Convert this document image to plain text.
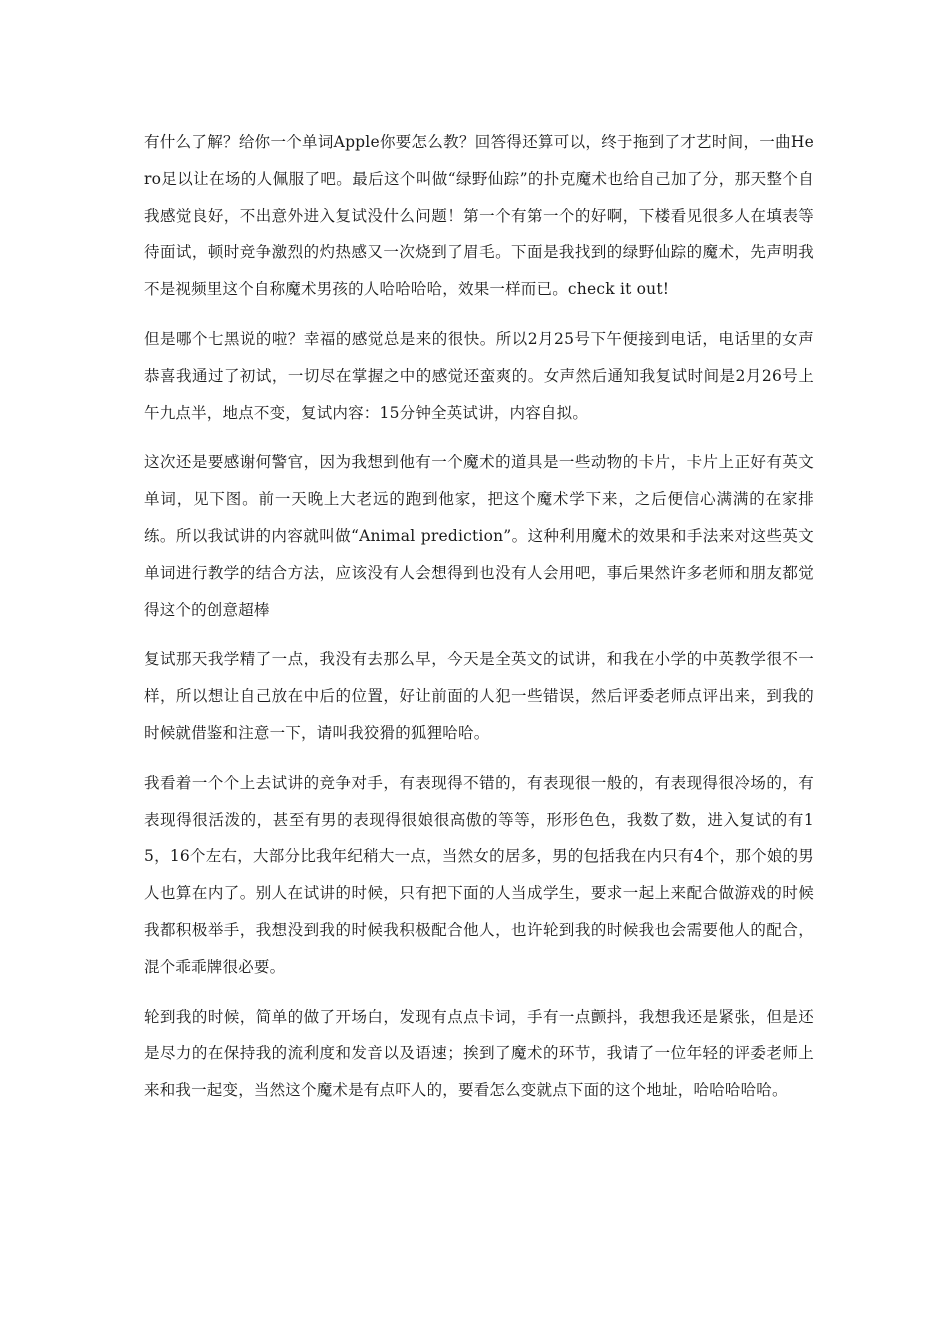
有什么了解？给你一个单词Apple你要怎么教？回答得还算可以，终于拖到了才艺时间，一曲Hero足以让在场的人佩服了吧。最后这个叫做“绿野仙踪”的扑克魔术也给自己加了分，那天整个自我感觉良好，不出意外进入复试没什么问题！第一个有第一个的好啊，下楼看见很多人在填表等待面试，顿时竞争激烈的灼热感又一次烧到了眉毛。下面是我找到的绿野仙踪的魔术，先声明我不是视频里这个自称魔术男孩的人哈哈哈哈，效果一样而已。check it out!

但是哪个七黑说的啦？幸福的感觉总是来的很快。所以2月25号下午便接到电话，电话里的女声恭喜我通过了初试，一切尽在掌握之中的感觉还蛮爽的。女声然后通知我复试时间是2月26号上午九点半，地点不变，复试内容：15分钟全英试讲，内容自拟。

这次还是要感谢何警官，因为我想到他有一个魔术的道具是一些动物的卡片，卡片上正好有英文单词，见下图。前一天晚上大老远的跑到他家，把这个魔术学下来，之后便信心满满的在家排练。所以我试讲的内容就叫做“Animal prediction”。这种利用魔术的效果和手法来对这些英文单词进行教学的结合方法，应该没有人会想得到也没有人会用吧，事后果然许多老师和朋友都觉得这个的创意超棒

复试那天我学精了一点，我没有去那么早，今天是全英文的试讲，和我在小学的中英教学很不一样，所以想让自己放在中后的位置，好让前面的人犯一些错误，然后评委老师点评出来，到我的时候就借鉴和注意一下，请叫我狡猾的狐狸哈哈。

我看着一个个上去试讲的竞争对手，有表现得不错的，有表现很一般的，有表现得很冷场的，有表现得很活泼的，甚至有男的表现得很娘很高傲的等等，形形色色，我数了数，进入复试的有15，16个左右，大部分比我年纪稍大一点，当然女的居多，男的包括我在内只有4个，那个娘的男人也算在内了。别人在试讲的时候，只有把下面的人当成学生，要求一起上来配合做游戏的时候我都积极举手，我想没到我的时候我积极配合他人，也许轮到我的时候我也会需要他人的配合，混个乖乖牌很必要。

轮到我的时候，简单的做了开场白，发现有点点卡词，手有一点颤抖，我想我还是紧张，但是还是尽力的在保持我的流利度和发音以及语速；挨到了魔术的环节，我请了一位年轻的评委老师上来和我一起变，当然这个魔术是有点吓人的，要看怎么变就点下面的这个地址，哈哈哈哈哈。
